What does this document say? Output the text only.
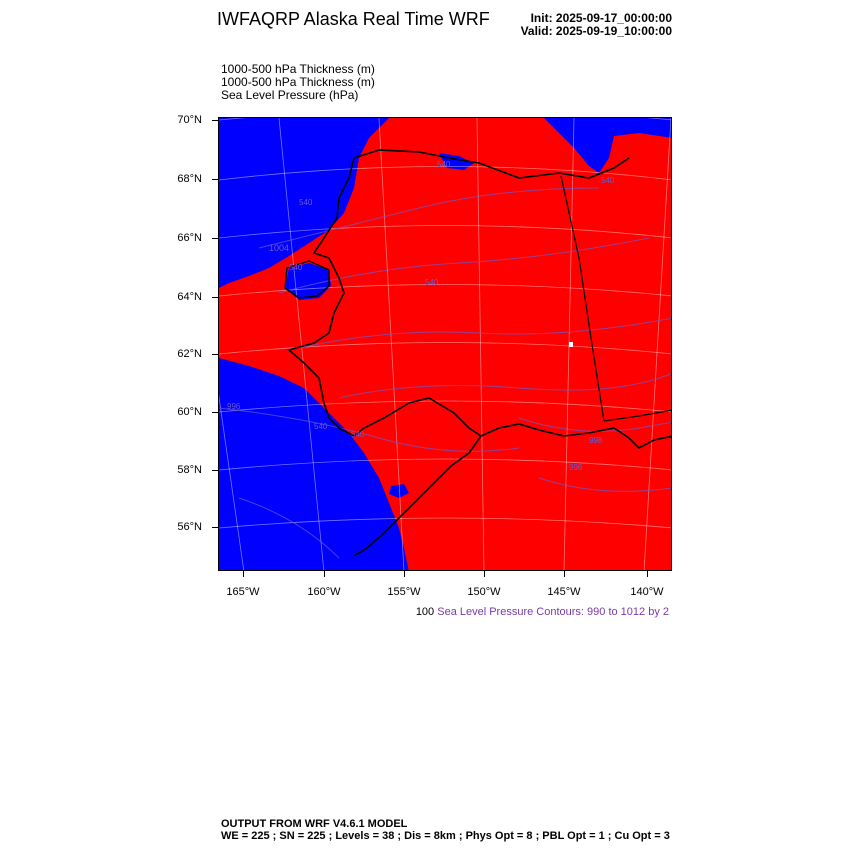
IWFAQRP Alaska Real Time WRF	Init: 2025-09-17_00:00:00
Valid: 2025-09-19_10:00:00
1000-500 hPa Thickness (m)
1000-500 hPa Thickness (m)
Sea Level Pressure (hPa)
540
540
540
1004
540
540
540
996
540
996
998
70°N
68°N
66°N
64°N
62°N
60°N
58°N
56°N
165°W	160°W	155°W	150°W	145°W	140°W
100 Sea Level Pressure Contours: 990 to 1012 by 2
OUTPUT FROM WRF V4.6.1 MODEL
WE = 225 ; SN = 225 ; Levels = 38 ; Dis = 8km ; Phys Opt = 8 ; PBL Opt = 1 ; Cu Opt = 3
